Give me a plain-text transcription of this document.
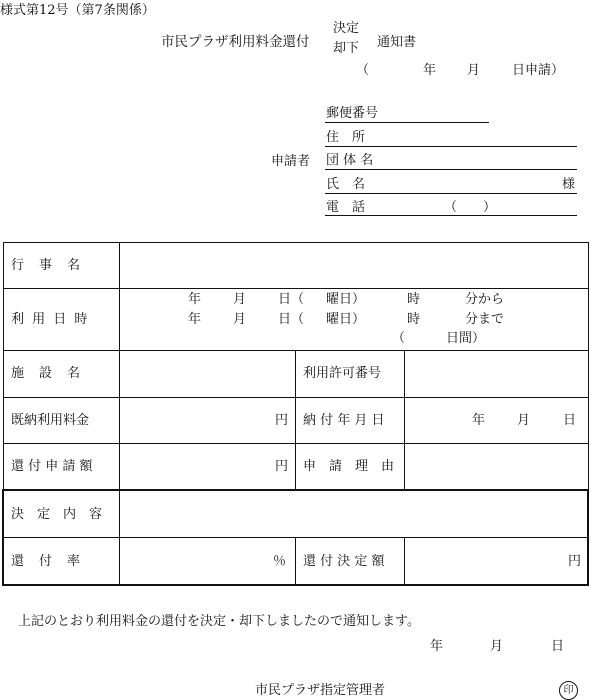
様式第12号（第7条関係）
市民プラザ利用料金還付
決定
却下 通知書
（	年 月 日申請）
申請者
郵便番号
住　所
団 体 名
氏　名	様
電　話	（　　）
行　事　名
利 用 日 時
年 月 日（ 曜日）	時	分から
年 月 日（ 曜日）	時	分まで
（	日間）
施　設　名	利用許可番号
既納利用料金	円 納 付 年 月 日	年 月	日
還 付 申 請 額	円 申　請　理　由
決　定　内　容
還　付　率	％ 還 付 決 定 額	円
上記のとおり利用料金の還付を決定・却下しましたので通知します。
年	月	日
市民プラザ指定管理者	印
